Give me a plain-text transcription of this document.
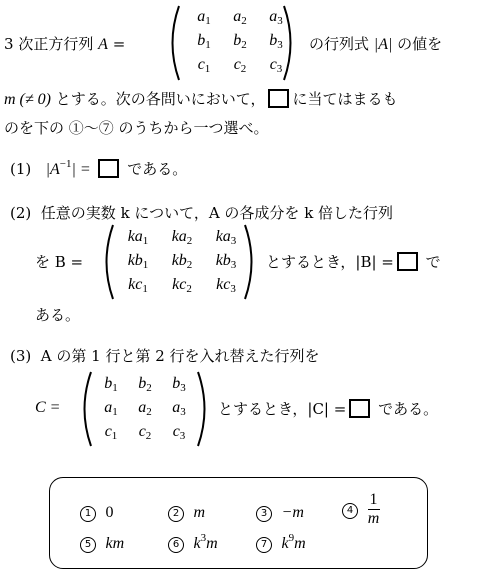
3 次正方行列 A =
$a_1$	$a_2$	$a_3$
$b_1$	$b_2$	$b_3$
$c_1$	$c_2$	$c_3$
の行列式 |A| の値を
m (≠ 0) とする。次の各問いにおいて， に当てはまるも
のを下の ①〜⑦ のうちから一つ選べ。
(1) $|A^{-1}|$ = である。
(2) 任意の実数 k について，A の各成分を k 倍した行列
を B =
$ka_1$	$ka_2$	$ka_3$
$kb_1$	$kb_2$	$kb_3$
$kc_1$	$kc_2$	$kc_3$
とするとき，|B| = で
ある。
(3) A の第 1 行と第 2 行を入れ替えた行列を
C =
$b_1$	$b_2$	$b_3$
$a_1$	$a_2$	$a_3$
$c_1$	$c_2$	$c_3$
とするとき，|C| = である。
1 0	2 m	3 −m	$4 \frac{1}{m}$
5 km	6 $k^3m$	7 $k^9m$
